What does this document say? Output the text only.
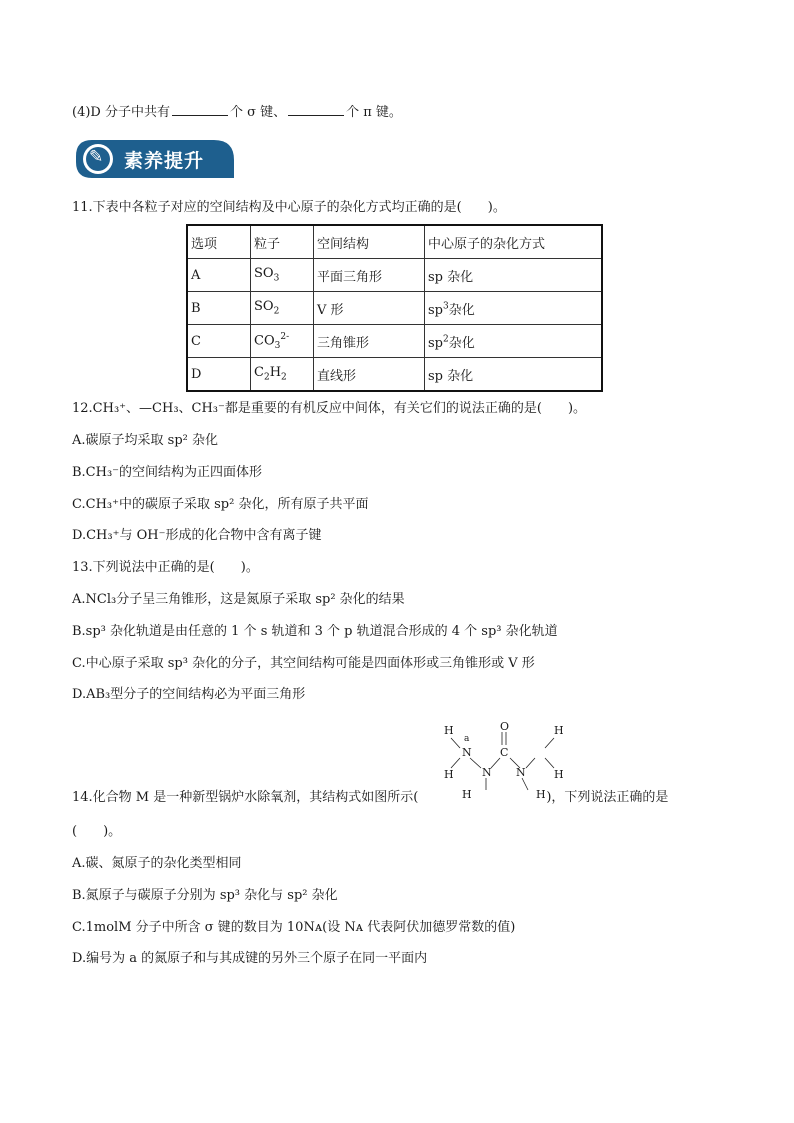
(4)D 分子中共有	个 σ 键、	个 π 键。
✎ 素养提升
11.下表中各粒子对应的空间结构及中心原子的杂化方式均正确的是(　　)。
选项	粒子	空间结构	中心原子的杂化方式
A	$SO_3$	平面三角形	sp 杂化
B	$SO_2$	V 形	$sp^3$杂化
C	$CO_3^{2-}$	三角锥形	$sp^2$杂化
D	$C_2H_2$	直线形	sp 杂化
12.CH₃⁺、—CH₃、CH₃⁻都是重要的有机反应中间体，有关它们的说法正确的是(　　)。
A.碳原子均采取 sp² 杂化
B.CH₃⁻的空间结构为正四面体形
C.CH₃⁺中的碳原子采取 sp² 杂化，所有原子共平面
D.CH₃⁺与 OH⁻形成的化合物中含有离子键
13.下列说法中正确的是(　　)。
A.NCl₃分子呈三角锥形，这是氮原子采取 sp² 杂化的结果
B.sp³ 杂化轨道是由任意的 1 个 s 轨道和 3 个 p 轨道混合形成的 4 个 sp³ 杂化轨道
C.中心原子采取 sp³ 杂化的分子，其空间结构可能是四面体形或三角锥形或 V 形
D.AB₃型分子的空间结构必为平面三角形
H
a
N
H
O
C
N
H
N
H
H
H
14.化合物 M 是一种新型锅炉水除氧剂，其结构式如图所示(	)，下列说法正确的是
(　　)。
A.碳、氮原子的杂化类型相同
B.氮原子与碳原子分别为 sp³ 杂化与 sp² 杂化
C.1molM 分子中所含 σ 键的数目为 10Nᴀ(设 Nᴀ 代表阿伏加德罗常数的值)
D.编号为 a 的氮原子和与其成键的另外三个原子在同一平面内
